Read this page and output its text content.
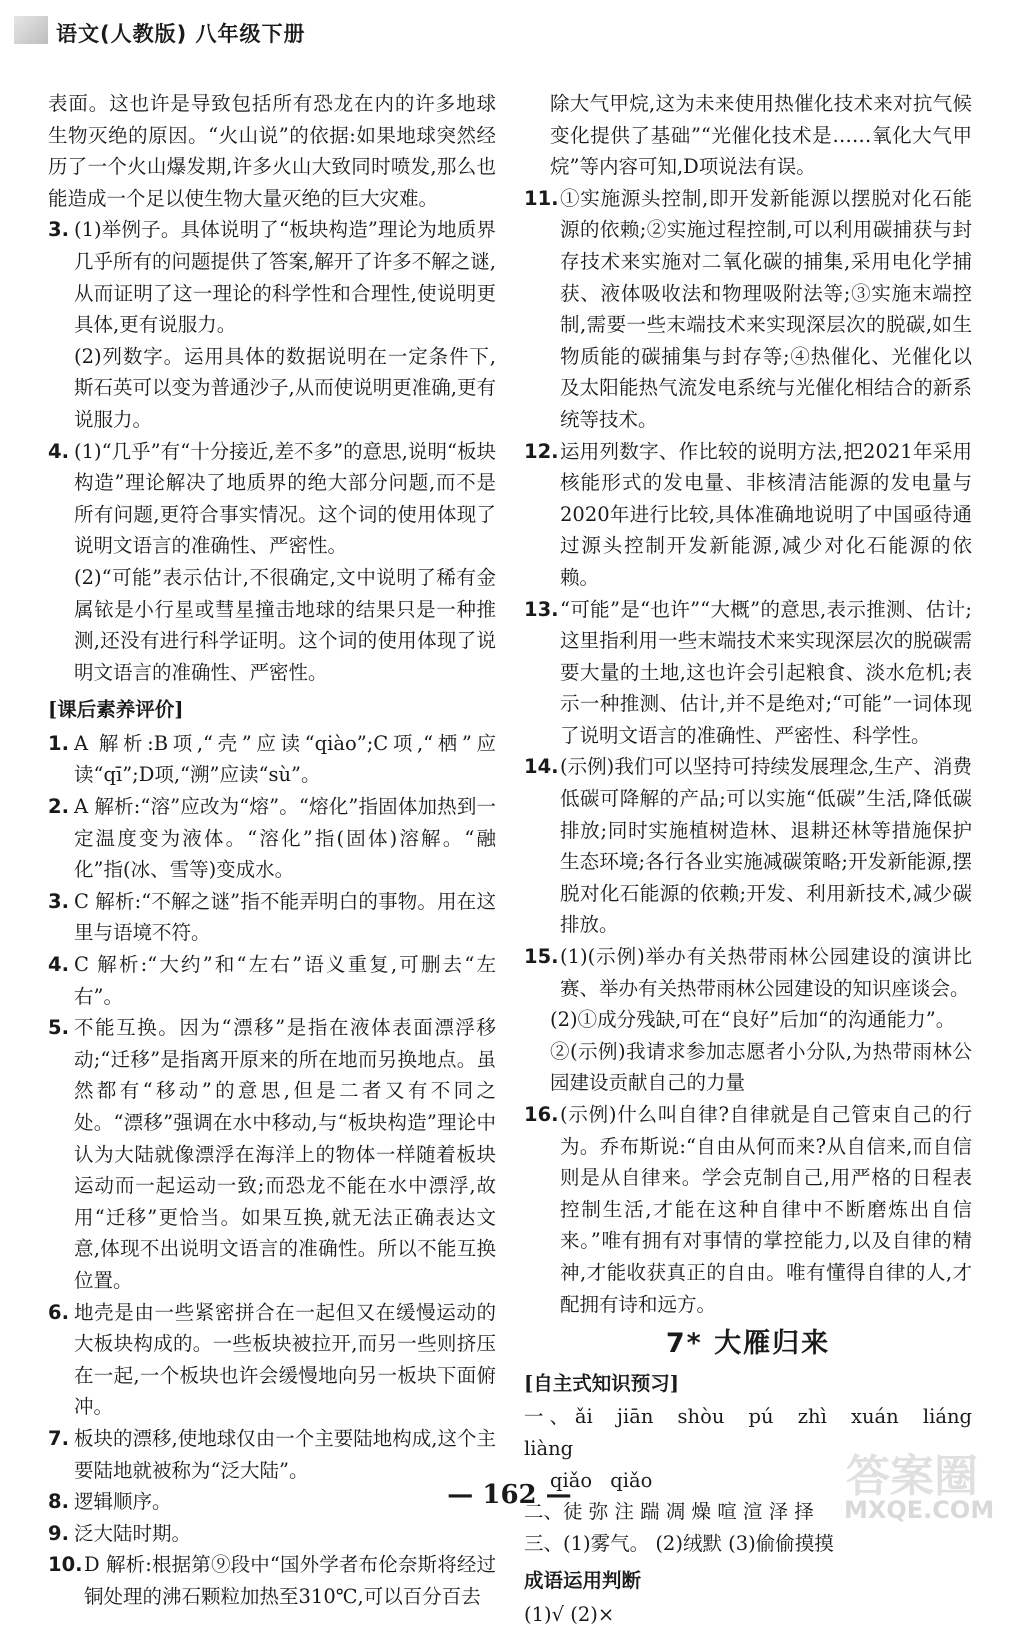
语文(人教版) 八年级下册
表面。这也许是导致包括所有恐龙在内的许多地球生物灭绝的原因。“火山说”的依据:如果地球突然经历了一个火山爆发期,许多火山大致同时喷发,那么也能造成一个足以使生物大量灭绝的巨大灾难。
3. (1)举例子。具体说明了“板块构造”理论为地质界几乎所有的问题提供了答案,解开了许多不解之谜,从而证明了这一理论的科学性和合理性,使说明更具体,更有说服力。
(2)列数字。运用具体的数据说明在一定条件下,斯石英可以变为普通沙子,从而使说明更准确,更有说服力。
4. (1)“几乎”有“十分接近,差不多”的意思,说明“板块构造”理论解决了地质界的绝大部分问题,而不是所有问题,更符合事实情况。这个词的使用体现了说明文语言的准确性、严密性。
(2)“可能”表示估计,不很确定,文中说明了稀有金属铱是小行星或彗星撞击地球的结果只是一种推测,还没有进行科学证明。这个词的使用体现了说明文语言的准确性、严密性。
[课后素养评价]
1. A 解析:B项,“壳”应读“qiào”;C项,“栖”应读“qī”;D项,“溯”应读“sù”。
2. A 解析:“溶”应改为“熔”。“熔化”指固体加热到一定温度变为液体。“溶化”指(固体)溶解。“融化”指(冰、雪等)变成水。
3. C 解析:“不解之谜”指不能弄明白的事物。用在这里与语境不符。
4. C 解析:“大约”和“左右”语义重复,可删去“左右”。
5. 不能互换。因为“漂移”是指在液体表面漂浮移动;“迁移”是指离开原来的所在地而另换地点。虽然都有“移动”的意思,但是二者又有不同之处。“漂移”强调在水中移动,与“板块构造”理论中认为大陆就像漂浮在海洋上的物体一样随着板块运动而一起运动一致;而恐龙不能在水中漂浮,故用“迁移”更恰当。如果互换,就无法正确表达文意,体现不出说明文语言的准确性。所以不能互换位置。
6. 地壳是由一些紧密拼合在一起但又在缓慢运动的大板块构成的。一些板块被拉开,而另一些则挤压在一起,一个板块也许会缓慢地向另一板块下面俯冲。
7. 板块的漂移,使地球仅由一个主要陆地构成,这个主要陆地就被称为“泛大陆”。
8. 逻辑顺序。
9. 泛大陆时期。
10. D 解析:根据第⑨段中“国外学者布伦奈斯将经过铜处理的沸石颗粒加热至310℃,可以百分百去
除大气甲烷,这为未来使用热催化技术来对抗气候变化提供了基础”“光催化技术是……氧化大气甲烷”等内容可知,D项说法有误。
11. ①实施源头控制,即开发新能源以摆脱对化石能源的依赖;②实施过程控制,可以利用碳捕获与封存技术来实施对二氧化碳的捕集,采用电化学捕获、液体吸收法和物理吸附法等;③实施末端控制,需要一些末端技术来实现深层次的脱碳,如生物质能的碳捕集与封存等;④热催化、光催化以及太阳能热气流发电系统与光催化相结合的新系统等技术。
12. 运用列数字、作比较的说明方法,把2021年采用核能形式的发电量、非核清洁能源的发电量与2020年进行比较,具体准确地说明了中国亟待通过源头控制开发新能源,减少对化石能源的依赖。
13. “可能”是“也许”“大概”的意思,表示推测、估计;这里指利用一些末端技术来实现深层次的脱碳需要大量的土地,这也许会引起粮食、淡水危机;表示一种推测、估计,并不是绝对;“可能”一词体现了说明文语言的准确性、严密性、科学性。
14. (示例)我们可以坚持可持续发展理念,生产、消费低碳可降解的产品;可以实施“低碳”生活,降低碳排放;同时实施植树造林、退耕还林等措施保护生态环境;各行各业实施减碳策略;开发新能源,摆脱对化石能源的依赖;开发、利用新技术,减少碳排放。
15. (1)(示例)举办有关热带雨林公园建设的演讲比赛、举办有关热带雨林公园建设的知识座谈会。
(2)①成分残缺,可在“良好”后加“的沟通能力”。
②(示例)我请求参加志愿者小分队,为热带雨林公园建设贡献自己的力量
16. (示例)什么叫自律?自律就是自己管束自己的行为。乔布斯说:“自由从何而来?从自信来,而自信则是从自律来。学会克制自己,用严格的日程表控制生活,才能在这种自律中不断磨炼出自信来。”唯有拥有对事情的掌控能力,以及自律的精神,才能收获真正的自由。唯有懂得自律的人,才配拥有诗和远方。
7* 大雁归来
[自主式知识预习]
一、ǎi jiān shòu pú zhì xuán liáng liàng
qiǎo qiǎo
二、徒 弥 注 踹 凋 燥 喧 渲 泽 择
三、(1)雾气。 (2)绒默 (3)偷偷摸摸
成语运用判断
(1)√ (2)×
— 162 —	答案圈
MXQE.COM
